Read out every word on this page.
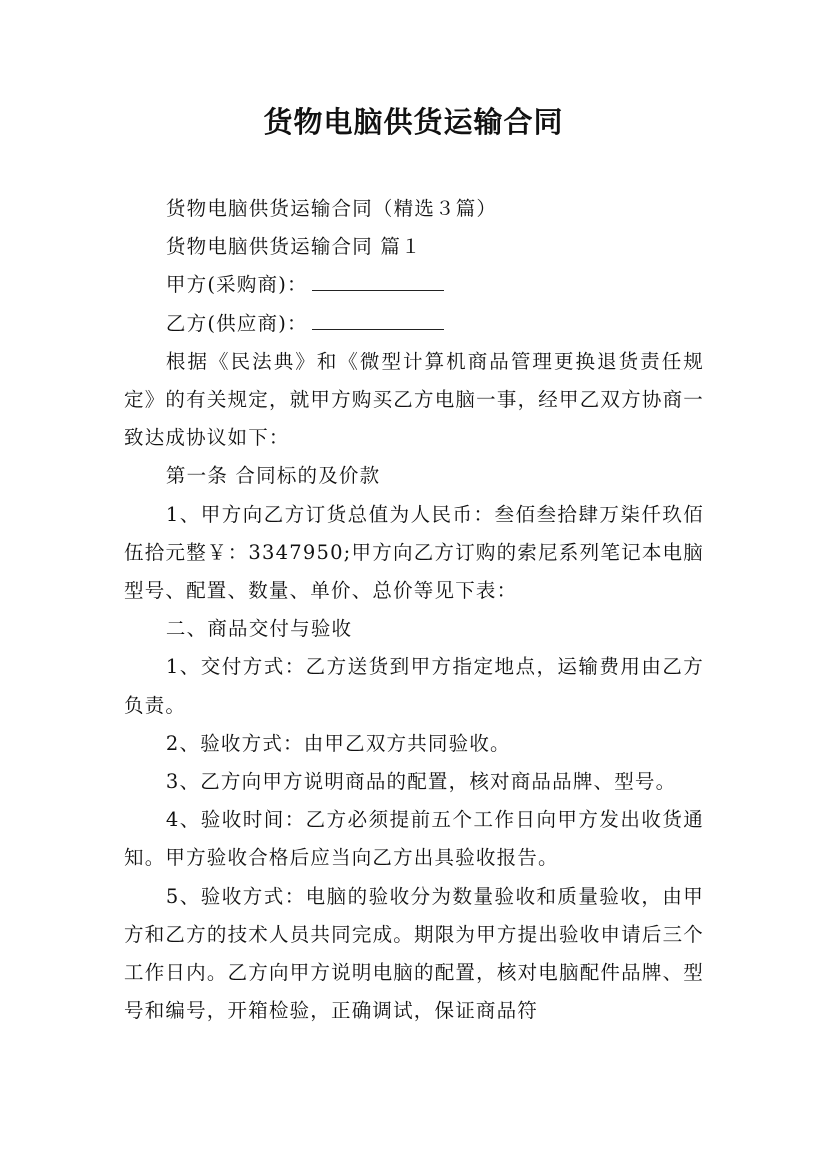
货物电脑供货运输合同

货物电脑供货运输合同（精选３篇）

货物电脑供货运输合同 篇１

甲方(采购商)：

乙方(供应商)：

根据《民法典》和《微型计算机商品管理更换退货责任规定》的有关规定，就甲方购买乙方电脑一事，经甲乙双方协商一致达成协议如下：

第一条 合同标的及价款

1、甲方向乙方订货总值为人民币：叁佰叁拾肆万柒仟玖佰伍拾元整￥：3347950;甲方向乙方订购的索尼系列笔记本电脑型号、配置、数量、单价、总价等见下表：

二、商品交付与验收

1、交付方式：乙方送货到甲方指定地点，运输费用由乙方负责。

2、验收方式：由甲乙双方共同验收。

3、乙方向甲方说明商品的配置，核对商品品牌、型号。

4、验收时间：乙方必须提前五个工作日向甲方发出收货通知。甲方验收合格后应当向乙方出具验收报告。

5、验收方式：电脑的验收分为数量验收和质量验收，由甲方和乙方的技术人员共同完成。期限为甲方提出验收申请后三个工作日内。乙方向甲方说明电脑的配置，核对电脑配件品牌、型号和编号，开箱检验，正确调试，保证商品符
